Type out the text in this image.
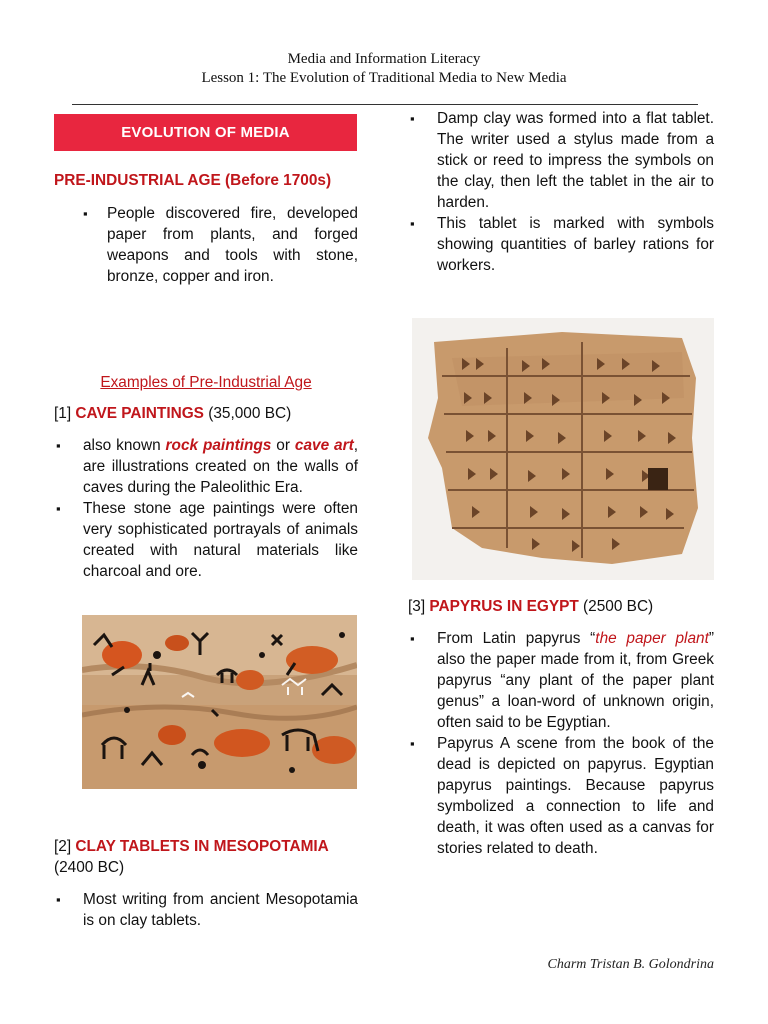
Media and Information Literacy
Lesson 1: The Evolution of Traditional Media to New Media
EVOLUTION OF MEDIA
PRE-INDUSTRIAL AGE (Before 1700s)
▪ People discovered fire, developed paper from plants, and forged weapons and tools with stone, bronze, copper and iron.
Examples of Pre-Industrial Age
[1] CAVE PAINTINGS (35,000 BC)
▪ also known rock paintings or cave art, are illustrations created on the walls of caves during the Paleolithic Era.
▪ These stone age paintings were often very sophisticated portrayals of animals created with natural materials like charcoal and ore.
[2] CLAY TABLETS IN MESOPOTAMIA (2400 BC)
▪ Most writing from ancient Mesopotamia is on clay tablets.
▪ Damp clay was formed into a flat tablet. The writer used a stylus made from a stick or reed to impress the symbols on the clay, then left the tablet in the air to harden.
▪ This tablet is marked with symbols showing quantities of barley rations for workers.
[3] PAPYRUS IN EGYPT (2500 BC)
▪ From Latin papyrus “the paper plant” also the paper made from it, from Greek papyrus “any plant of the paper plant genus” a loan-word of unknown origin, often said to be Egyptian.
▪ Papyrus A scene from the book of the dead is depicted on papyrus. Egyptian papyrus paintings. Because papyrus symbolized a connection to life and death, it was often used as a canvas for stories related to death.
Charm Tristan B. Golondrina
